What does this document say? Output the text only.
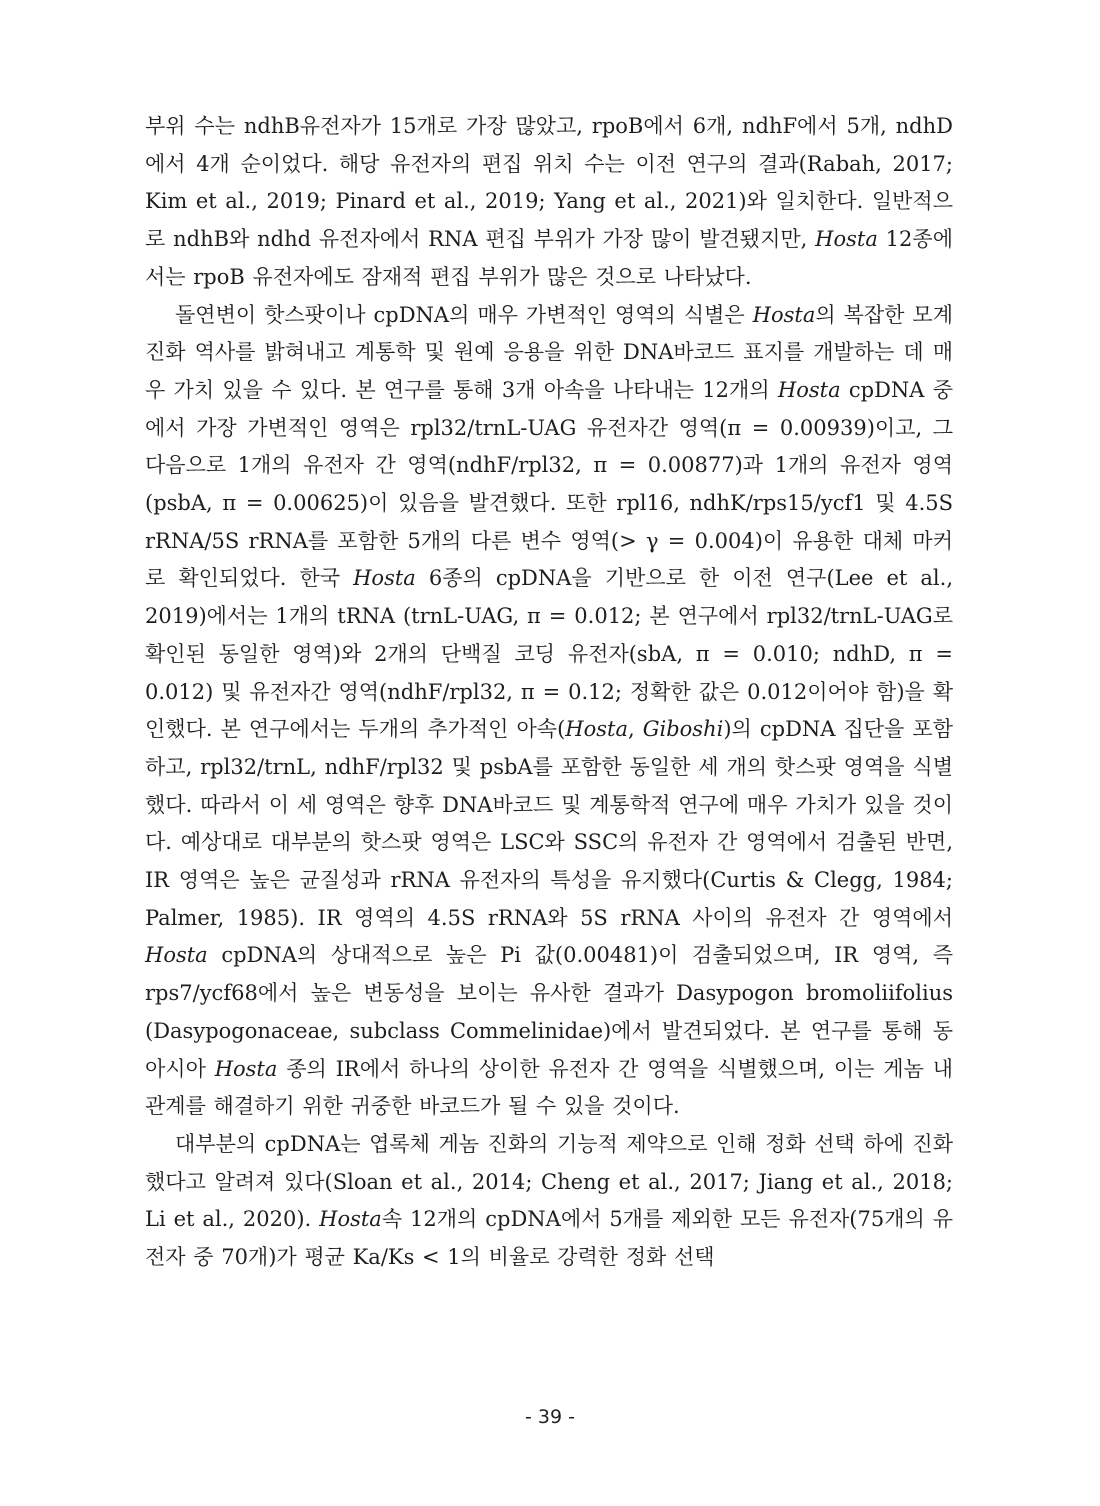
부위 수는 ndhB유전자가 15개로 가장 많았고, rpoB에서 6개, ndhF에서 5개, ndhD에서 4개 순이었다. 해당 유전자의 편집 위치 수는 이전 연구의 결과(Rabah, 2017; Kim et al., 2019; Pinard et al., 2019; Yang et al., 2021)와 일치한다. 일반적으로 ndhB와 ndhd 유전자에서 RNA 편집 부위가 가장 많이 발견됐지만, Hosta 12종에서는 rpoB 유전자에도 잠재적 편집 부위가 많은 것으로 나타났다.

돌연변이 핫스팟이나 cpDNA의 매우 가변적인 영역의 식별은 Hosta의 복잡한 모계 진화 역사를 밝혀내고 계통학 및 원예 응용을 위한 DNA바코드 표지를 개발하는 데 매우 가치 있을 수 있다. 본 연구를 통해 3개 아속을 나타내는 12개의 Hosta cpDNA 중에서 가장 가변적인 영역은 rpl32/trnL-UAG 유전자간 영역(π = 0.00939)이고, 그 다음으로 1개의 유전자 간 영역(ndhF/rpl32, π = 0.00877)과 1개의 유전자 영역(psbA, π = 0.00625)이 있음을 발견했다. 또한 rpl16, ndhK/rps15/ycf1 및 4.5S rRNA/5S rRNA를 포함한 5개의 다른 변수 영역(> γ = 0.004)이 유용한 대체 마커로 확인되었다. 한국 Hosta 6종의 cpDNA을 기반으로 한 이전 연구(Lee et al., 2019)에서는 1개의 tRNA (trnL-UAG, π = 0.012; 본 연구에서 rpl32/trnL-UAG로 확인된 동일한 영역)와 2개의 단백질 코딩 유전자(sbA, π = 0.010; ndhD, π = 0.012) 및 유전자간 영역(ndhF/rpl32, π = 0.12; 정확한 값은 0.012이어야 함)을 확인했다. 본 연구에서는 두개의 추가적인 아속(Hosta, Giboshi)의 cpDNA 집단을 포함하고, rpl32/trnL, ndhF/rpl32 및 psbA를 포함한 동일한 세 개의 핫스팟 영역을 식별했다. 따라서 이 세 영역은 향후 DNA바코드 및 계통학적 연구에 매우 가치가 있을 것이다. 예상대로 대부분의 핫스팟 영역은 LSC와 SSC의 유전자 간 영역에서 검출된 반면, IR 영역은 높은 균질성과 rRNA 유전자의 특성을 유지했다(Curtis & Clegg, 1984; Palmer, 1985). IR 영역의 4.5S rRNA와 5S rRNA 사이의 유전자 간 영역에서 Hosta cpDNA의 상대적으로 높은 Pi 값(0.00481)이 검출되었으며, IR 영역, 즉 rps7/ycf68에서 높은 변동성을 보이는 유사한 결과가 Dasypogon bromoliifolius (Dasypogonaceae, subclass Commelinidae)에서 발견되었다. 본 연구를 통해 동아시아 Hosta 종의 IR에서 하나의 상이한 유전자 간 영역을 식별했으며, 이는 게놈 내 관계를 해결하기 위한 귀중한 바코드가 될 수 있을 것이다.

대부분의 cpDNA는 엽록체 게놈 진화의 기능적 제약으로 인해 정화 선택 하에 진화했다고 알려져 있다(Sloan et al., 2014; Cheng et al., 2017; Jiang et al., 2018; Li et al., 2020). Hosta속 12개의 cpDNA에서 5개를 제외한 모든 유전자(75개의 유전자 중 70개)가 평균 Ka/Ks < 1의 비율로 강력한 정화 선택

- 39 -
